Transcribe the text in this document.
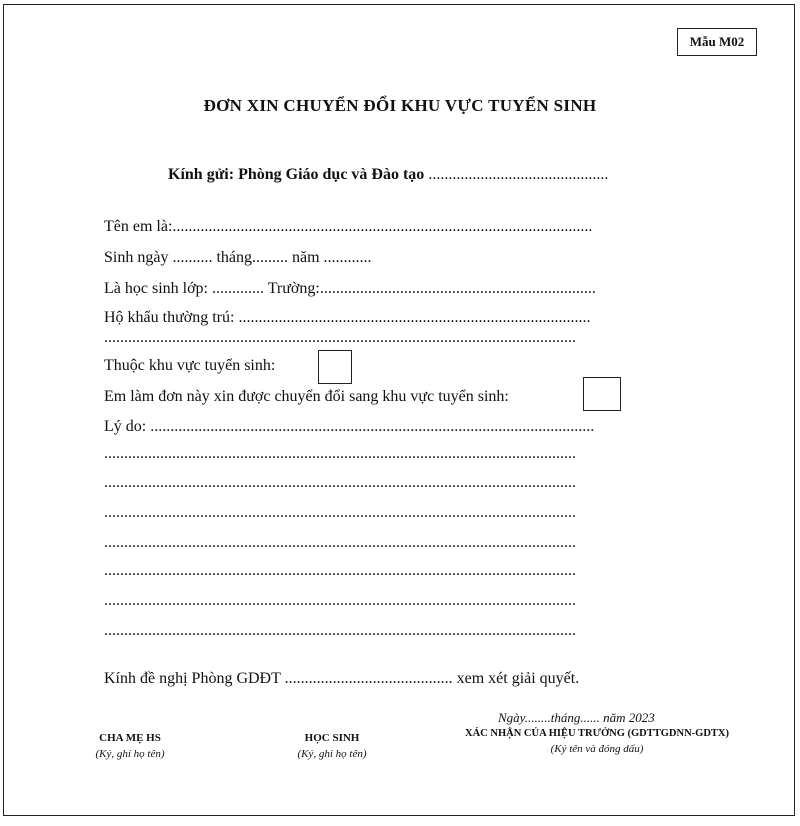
Mẫu M02
ĐƠN XIN CHUYỂN ĐỔI KHU VỰC TUYỂN SINH
Kính gửi: Phòng Giáo dục và Đào tạo .............................................
Tên em là:.........................................................................................................
Sinh ngày .......... tháng......... năm ............
Là học sinh lớp: ............. Trường:.....................................................................
Hộ khẩu thường trú: ........................................................................................
......................................................................................................................
Thuộc khu vực tuyển sinh:
Em làm đơn này xin được chuyển đổi sang khu vực tuyển sinh:
Lý do: ...............................................................................................................
......................................................................................................................
......................................................................................................................
......................................................................................................................
......................................................................................................................
......................................................................................................................
......................................................................................................................
......................................................................................................................
Kính đề nghị Phòng GDĐT .......................................... xem xét giải quyết.
Ngày........tháng...... năm 2023
CHA MẸ HS
(Ký, ghi họ tên)
HỌC SINH
(Ký, ghi họ tên)
XÁC NHẬN CỦA HIỆU TRƯỞNG (GDTTGDNN-GDTX)
(Ký tên và đóng dấu)
